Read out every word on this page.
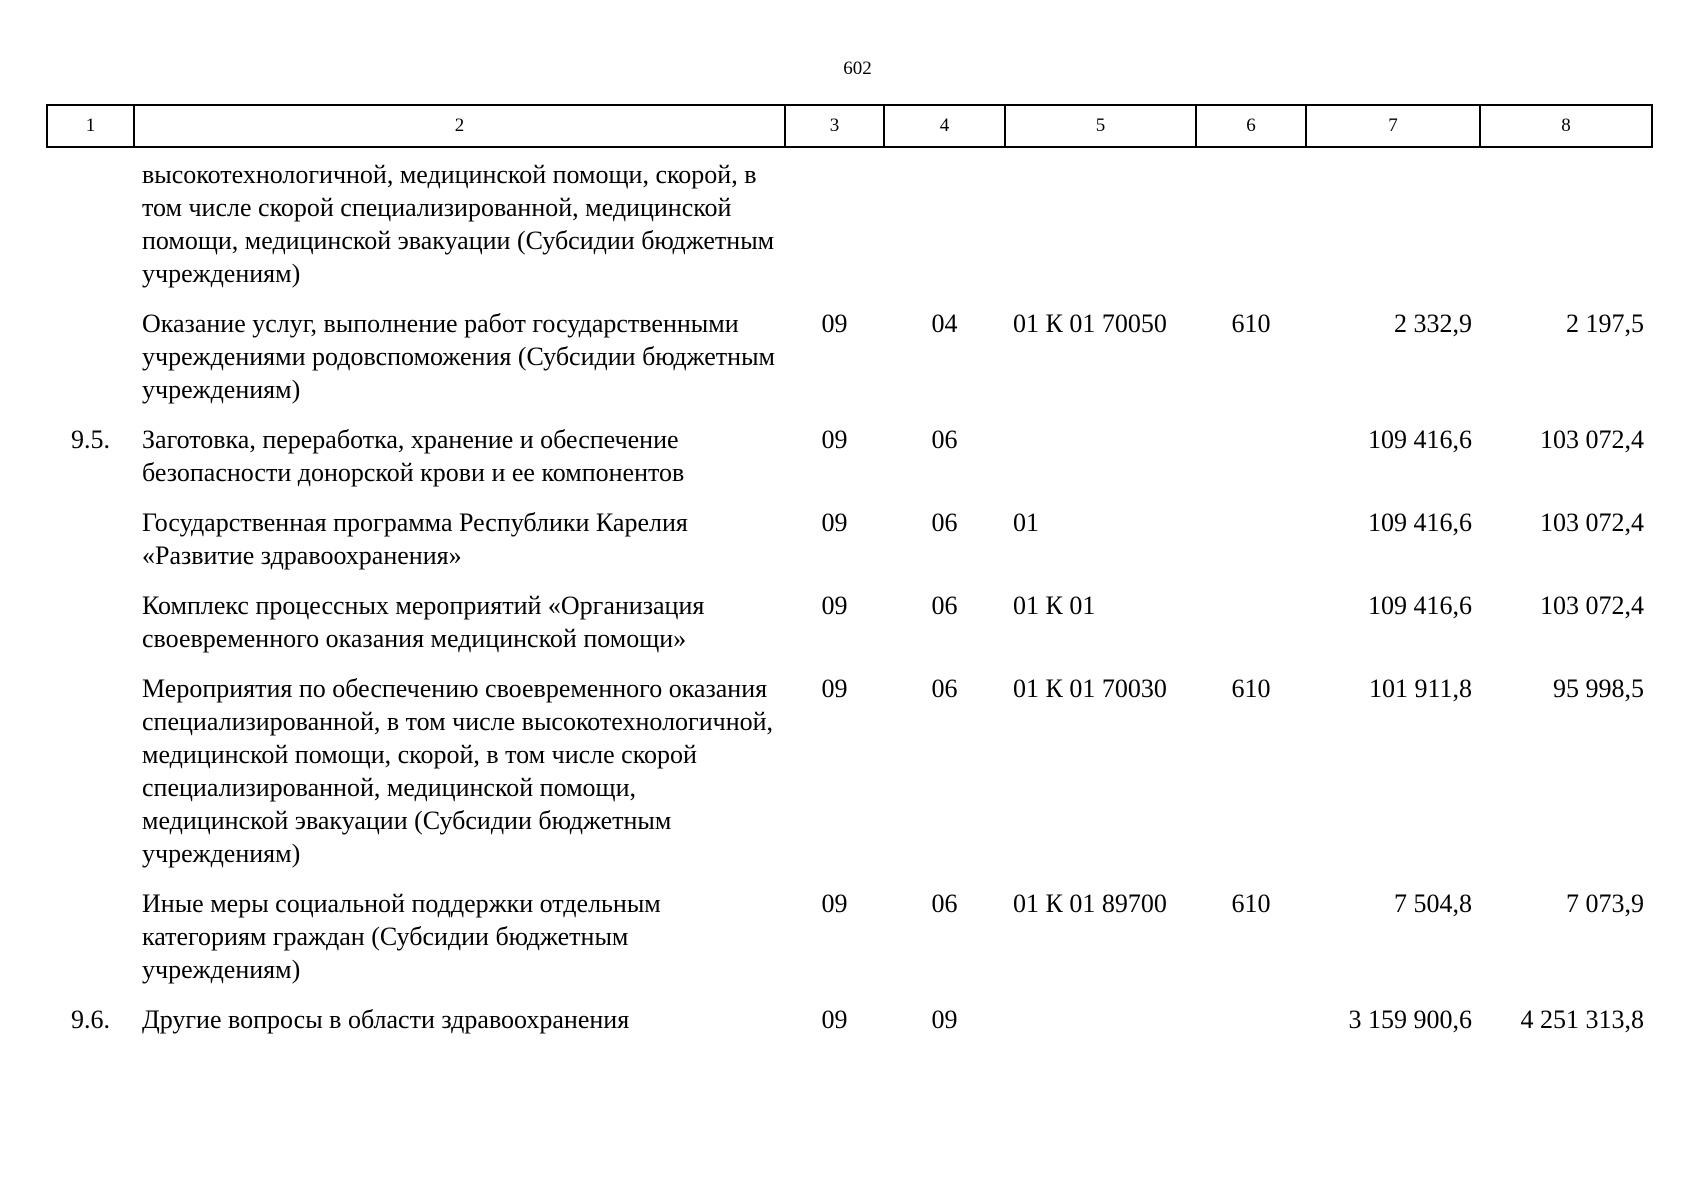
602
1	2	3	4	5	6	7	8
	высокотехнологичной, медицинской помощи, скорой, в том числе скорой специализированной, медицинской помощи, медицинской эвакуации (Субсидии бюджетным учреждениям)						
	Оказание услуг, выполнение работ государственными учреждениями родовспоможения (Субсидии бюджетным учреждениям)	09	04	01 К 01 70050	610	2 332,9	2 197,5
9.5.	Заготовка, переработка, хранение и обеспечение безопасности донорской крови и ее компонентов	09	06			109 416,6	103 072,4
	Государственная программа Республики Карелия «Развитие здравоохранения»	09	06	01		109 416,6	103 072,4
	Комплекс процессных мероприятий «Организация своевременного оказания медицинской помощи»	09	06	01 К 01		109 416,6	103 072,4
	Мероприятия по обеспечению своевременного оказания специализированной, в том числе высокотехнологичной, медицинской помощи, скорой, в том числе скорой специализированной, медицинской помощи, медицинской эвакуации (Субсидии бюджетным учреждениям)	09	06	01 К 01 70030	610	101 911,8	95 998,5
	Иные меры социальной поддержки отдельным категориям граждан (Субсидии бюджетным учреждениям)	09	06	01 К 01 89700	610	7 504,8	7 073,9
9.6.	Другие вопросы в области здравоохранения	09	09			3 159 900,6	4 251 313,8
